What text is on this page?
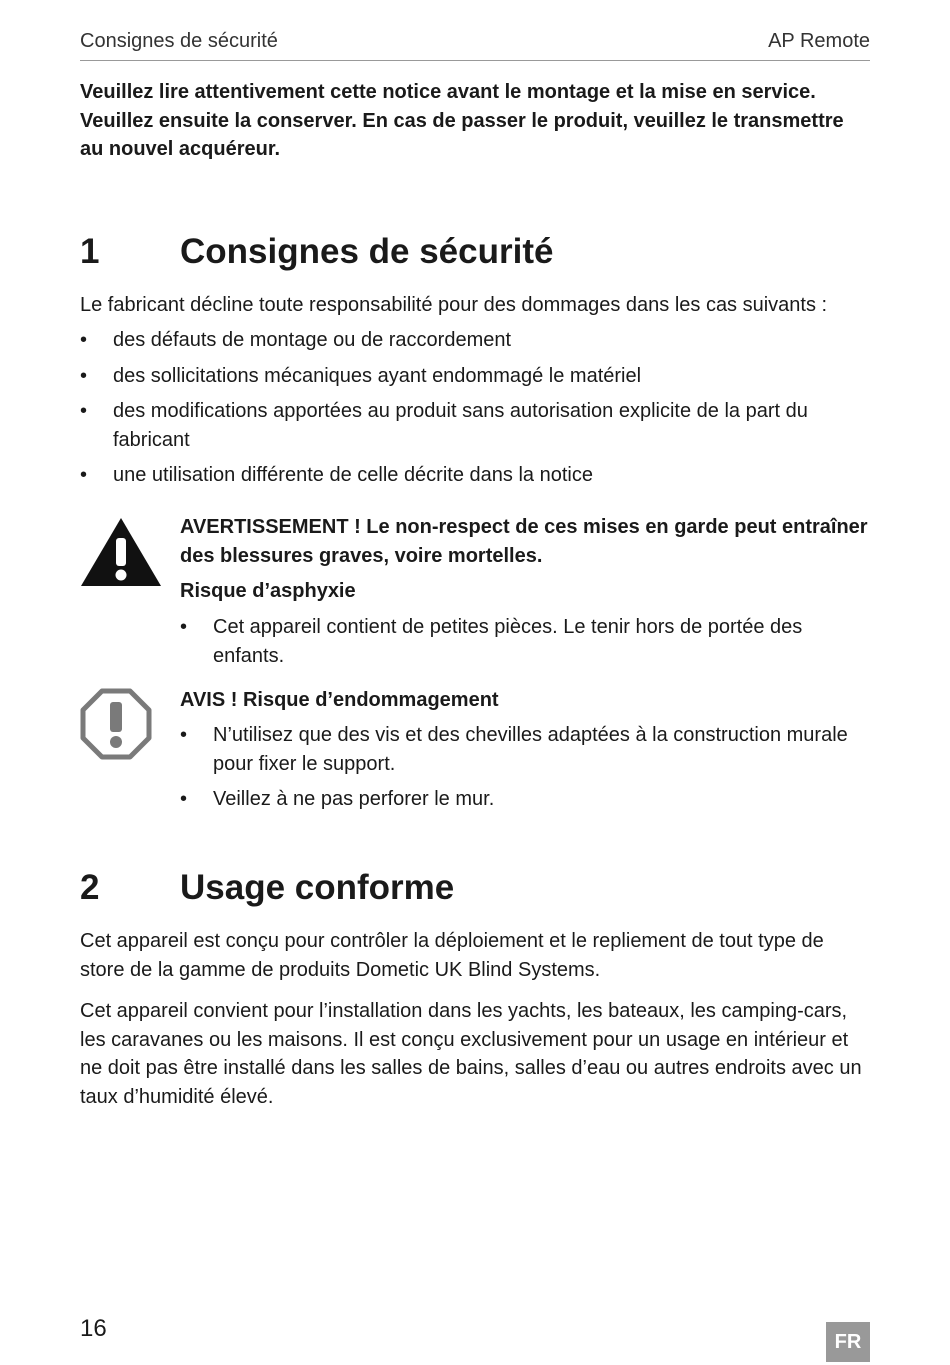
Consignes de sécurité	AP Remote

Veuillez lire attentivement cette notice avant le montage et la mise en service. Veuillez ensuite la conserver. En cas de passer le produit, veuillez le transmettre au nouvel acquéreur.

1 Consignes de sécurité

Le fabricant décline toute responsabilité pour des dommages dans les cas suivants :

• des défauts de montage ou de raccordement
• des sollicitations mécaniques ayant endommagé le matériel
• des modifications apportées au produit sans autorisation explicite de la part du fabricant
• une utilisation différente de celle décrite dans la notice

AVERTISSEMENT ! Le non-respect de ces mises en garde peut entraîner des blessures graves, voire mortelles.

Risque d’asphyxie

• Cet appareil contient de petites pièces. Le tenir hors de portée des enfants.

AVIS ! Risque d’endommagement

• N’utilisez que des vis et des chevilles adaptées à la construction murale pour fixer le support.
• Veillez à ne pas perforer le mur.
2 Usage conforme

Cet appareil est conçu pour contrôler la déploiement et le repliement de tout type de store de la gamme de produits Dometic UK Blind Systems.

Cet appareil convient pour l’installation dans les yachts, les bateaux, les camping-cars, les caravanes ou les maisons. Il est conçu exclusivement pour un usage en intérieur et ne doit pas être installé dans les salles de bains, salles d’eau ou autres endroits avec un taux d’humidité élevé.

16	FR
